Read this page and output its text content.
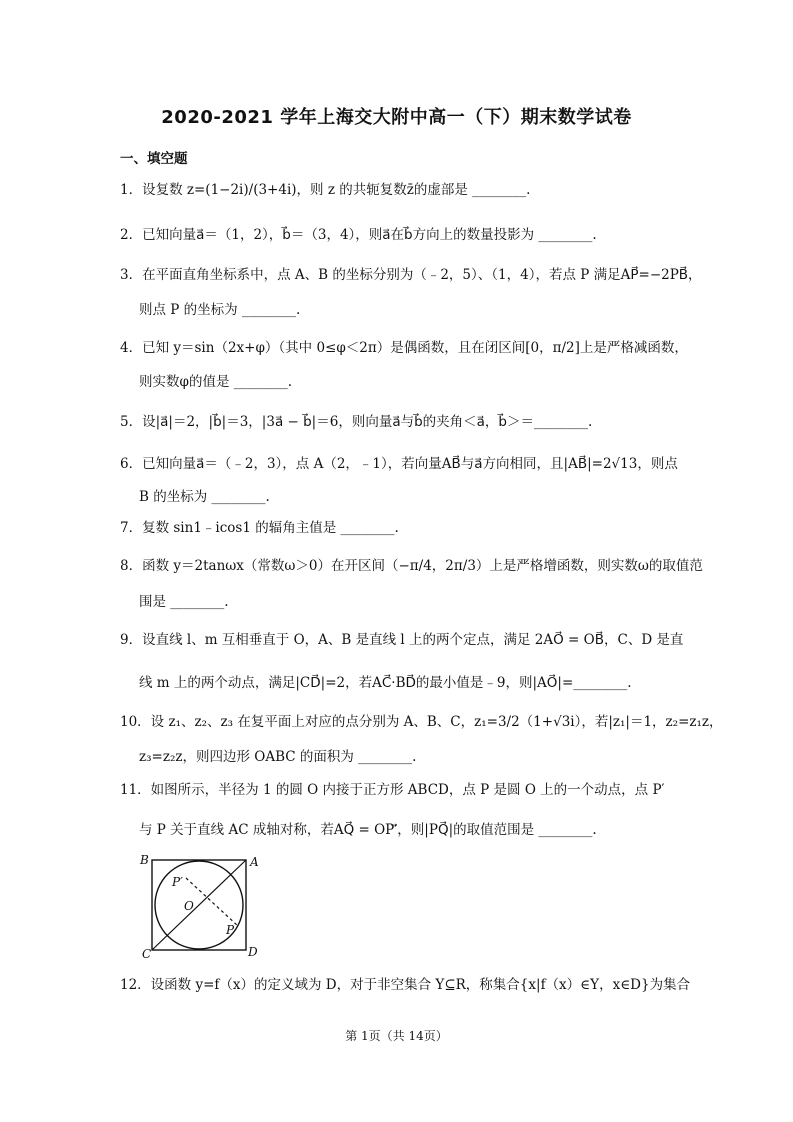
2020-2021 学年上海交大附中高一（下）期末数学试卷
一、填空题
1．设复数 z=(1−2i)/(3+4i)，则 z 的共轭复数z̄的虚部是 ________.
2．已知向量a⃗＝（1，2），b⃗＝（3，4），则a⃗在b⃗方向上的数量投影为 ________.
3．在平面直角坐标系中，点 A、B 的坐标分别为（﹣2，5）、（1，4），若点 P 满足AP⃗=−2PB⃗，
则点 P 的坐标为 ________.
4．已知 y＝sin（2x+φ）（其中 0≤φ＜2π）是偶函数，且在闭区间[0，π/2]上是严格减函数，
则实数φ的值是 ________.
5．设|a⃗|＝2，|b⃗|＝3，|3a⃗ − b⃗|＝6，则向量a⃗与b⃗的夹角＜a⃗，b⃗＞＝________.
6．已知向量a⃗＝（﹣2，3），点 A（2，﹣1），若向量AB⃗与a⃗方向相同，且|AB⃗|=2√13，则点
B 的坐标为 ________.
7．复数 sin1﹣icos1 的辐角主值是 ________.
8．函数 y＝2tanωx（常数ω＞0）在开区间（−π/4，2π/3）上是严格增函数，则实数ω的取值范
围是 ________.
9．设直线 l、m 互相垂直于 O，A、B 是直线 l 上的两个定点，满足 2AO⃗ = OB⃗，C、D 是直
线 m 上的两个动点，满足|CD⃗|=2，若AC⃗·BD⃗的最小值是﹣9，则|AO⃗|=________.
10．设 z₁、z₂、z₃ 在复平面上对应的点分别为 A、B、C，z₁=3/2（1+√3i），若|z₁|＝1，z₂=z₁z，
z₃=z₂z，则四边形 OABC 的面积为 ________.
11．如图所示，半径为 1 的圆 O 内接于正方形 ABCD，点 P 是圆 O 上的一个动点，点 P′
与 P 关于直线 AC 成轴对称，若AQ⃗ = OP′⃗，则|PQ⃗|的取值范围是 ________.
B	A
C	D
O
P′
P
12．设函数 y=f（x）的定义域为 D，对于非空集合 Y⊆R，称集合{x|f（x）∈Y，x∈D}为集合
第 1页（共 14页）
